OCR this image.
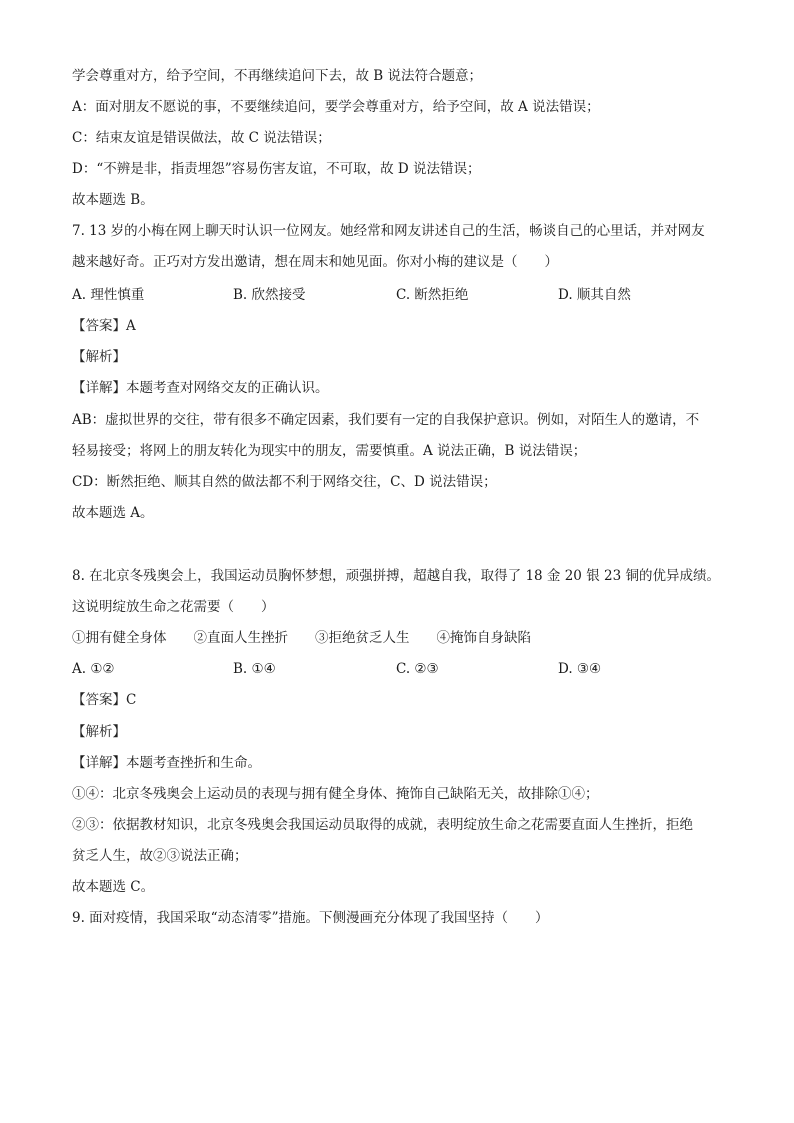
学会尊重对方，给予空间，不再继续追问下去，故 B 说法符合题意；
A：面对朋友不愿说的事，不要继续追问，要学会尊重对方，给予空间，故 A 说法错误；
C：结束友谊是错误做法，故 C 说法错误；
D：“不辨是非，指责埋怨”容易伤害友谊，不可取，故 D 说法错误；
故本题选 B。
7. 13 岁的小梅在网上聊天时认识一位网友。她经常和网友讲述自己的生活，畅谈自己的心里话，并对网友
越来越好奇。正巧对方发出邀请，想在周末和她见面。你对小梅的建议是（　　）
A. 理性慎重	B. 欣然接受	C. 断然拒绝	D. 顺其自然
【答案】A
【解析】
【详解】本题考查对网络交友的正确认识。
AB：虚拟世界的交往，带有很多不确定因素，我们要有一定的自我保护意识。例如，对陌生人的邀请，不
轻易接受；将网上的朋友转化为现实中的朋友，需要慎重。A 说法正确，B 说法错误；
CD：断然拒绝、顺其自然的做法都不利于网络交往，C、D 说法错误；
故本题选 A。
8. 在北京冬残奥会上，我国运动员胸怀梦想，顽强拼搏，超越自我，取得了 18 金 20 银 23 铜的优异成绩。
这说明绽放生命之花需要（　　）
①拥有健全身体　　②直面人生挫折　　③拒绝贫乏人生　　④掩饰自身缺陷
A. ①②	B. ①④	C. ②③	D. ③④
【答案】C
【解析】
【详解】本题考查挫折和生命。
①④：北京冬残奥会上运动员的表现与拥有健全身体、掩饰自己缺陷无关，故排除①④；
②③：依据教材知识，北京冬残奥会我国运动员取得的成就，表明绽放生命之花需要直面人生挫折，拒绝
贫乏人生，故②③说法正确；
故本题选 C。
9. 面对疫情，我国采取“动态清零”措施。下侧漫画充分体现了我国坚持（　　）
